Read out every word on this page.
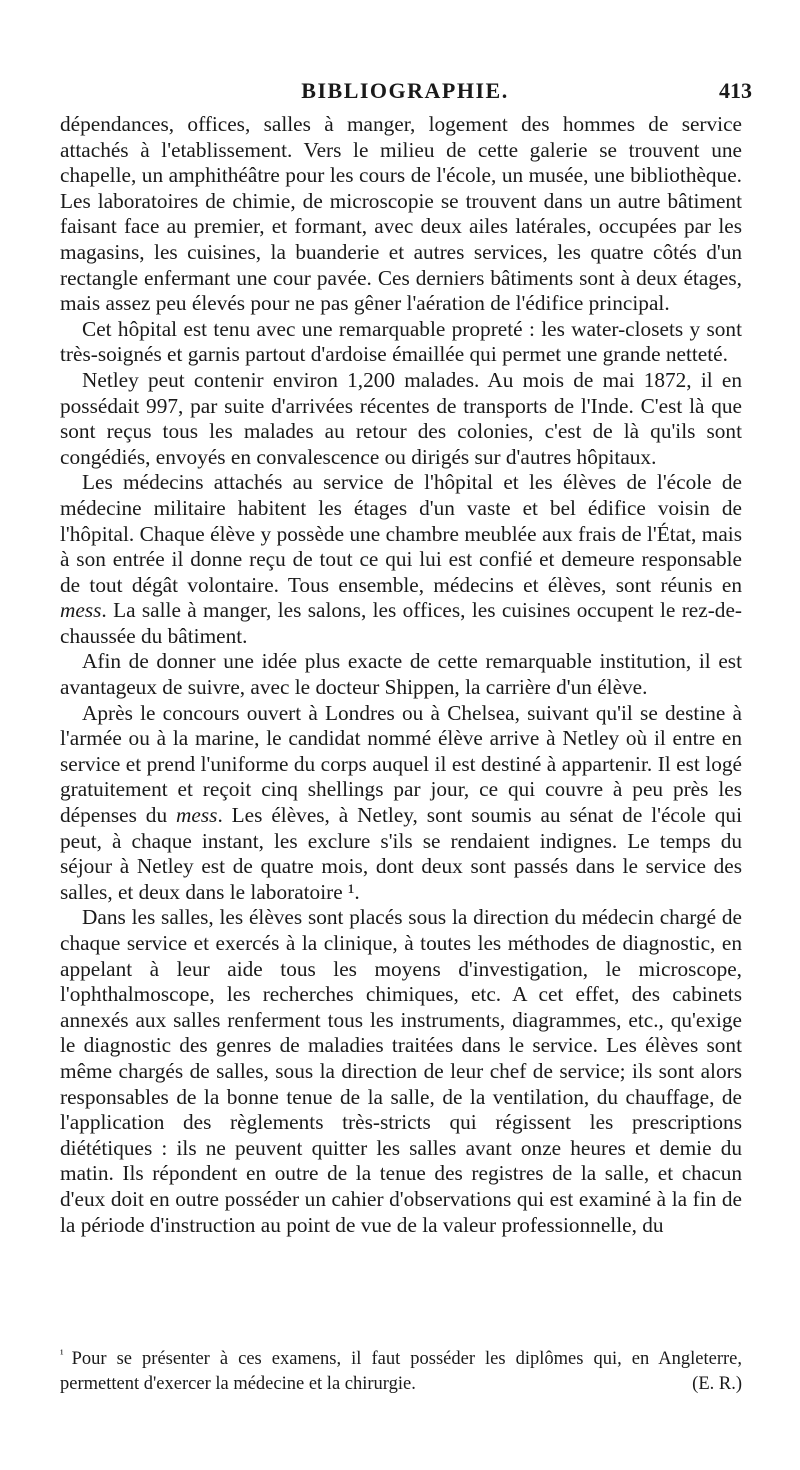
BIBLIOGRAPHIE.	413

dépendances, offices, salles à manger, logement des hommes de service attachés à l'etablissement. Vers le milieu de cette galerie se trouvent une chapelle, un amphithéâtre pour les cours de l'école, un musée, une bibliothèque. Les laboratoires de chimie, de microscopie se trouvent dans un autre bâtiment faisant face au premier, et formant, avec deux ailes latérales, occupées par les magasins, les cuisines, la buanderie et autres services, les quatre côtés d'un rectangle enfermant une cour pavée. Ces derniers bâtiments sont à deux étages, mais assez peu élevés pour ne pas gêner l'aération de l'édifice principal.

Cet hôpital est tenu avec une remarquable propreté : les water-closets y sont très-soignés et garnis partout d'ardoise émaillée qui permet une grande netteté.

Netley peut contenir environ 1,200 malades. Au mois de mai 1872, il en possédait 997, par suite d'arrivées récentes de transports de l'Inde. C'est là que sont reçus tous les malades au retour des colonies, c'est de là qu'ils sont congédiés, envoyés en convalescence ou dirigés sur d'autres hôpitaux.

Les médecins attachés au service de l'hôpital et les élèves de l'école de médecine militaire habitent les étages d'un vaste et bel édifice voisin de l'hôpital. Chaque élève y possède une chambre meublée aux frais de l'État, mais à son entrée il donne reçu de tout ce qui lui est confié et demeure responsable de tout dégât volontaire. Tous ensemble, médecins et élèves, sont réunis en mess. La salle à manger, les salons, les offices, les cuisines occupent le rez-de-chaussée du bâtiment.

Afin de donner une idée plus exacte de cette remarquable institution, il est avantageux de suivre, avec le docteur Shippen, la carrière d'un élève.

Après le concours ouvert à Londres ou à Chelsea, suivant qu'il se destine à l'armée ou à la marine, le candidat nommé élève arrive à Netley où il entre en service et prend l'uniforme du corps auquel il est destiné à appartenir. Il est logé gratuitement et reçoit cinq shellings par jour, ce qui couvre à peu près les dépenses du mess. Les élèves, à Netley, sont soumis au sénat de l'école qui peut, à chaque instant, les exclure s'ils se rendaient indignes. Le temps du séjour à Netley est de quatre mois, dont deux sont passés dans le service des salles, et deux dans le laboratoire ¹.

Dans les salles, les élèves sont placés sous la direction du médecin chargé de chaque service et exercés à la clinique, à toutes les méthodes de diagnostic, en appelant à leur aide tous les moyens d'investigation, le microscope, l'ophthalmoscope, les recherches chimiques, etc. A cet effet, des cabinets annexés aux salles renferment tous les instruments, diagrammes, etc., qu'exige le diagnostic des genres de maladies traitées dans le service. Les élèves sont même chargés de salles, sous la direction de leur chef de service; ils sont alors responsables de la bonne tenue de la salle, de la ventilation, du chauffage, de l'application des règlements très-stricts qui régissent les prescriptions diététiques : ils ne peuvent quitter les salles avant onze heures et demie du matin. Ils répondent en outre de la tenue des registres de la salle, et chacun d'eux doit en outre posséder un cahier d'observations qui est examiné à la fin de la période d'instruction au point de vue de la valeur professionnelle, du

$^{^1}$ Pour se présenter à ces examens, il faut posséder les diplômes qui, en Angleterre, permettent d'exercer la médecine et la chirurgie.	(E. R.)
